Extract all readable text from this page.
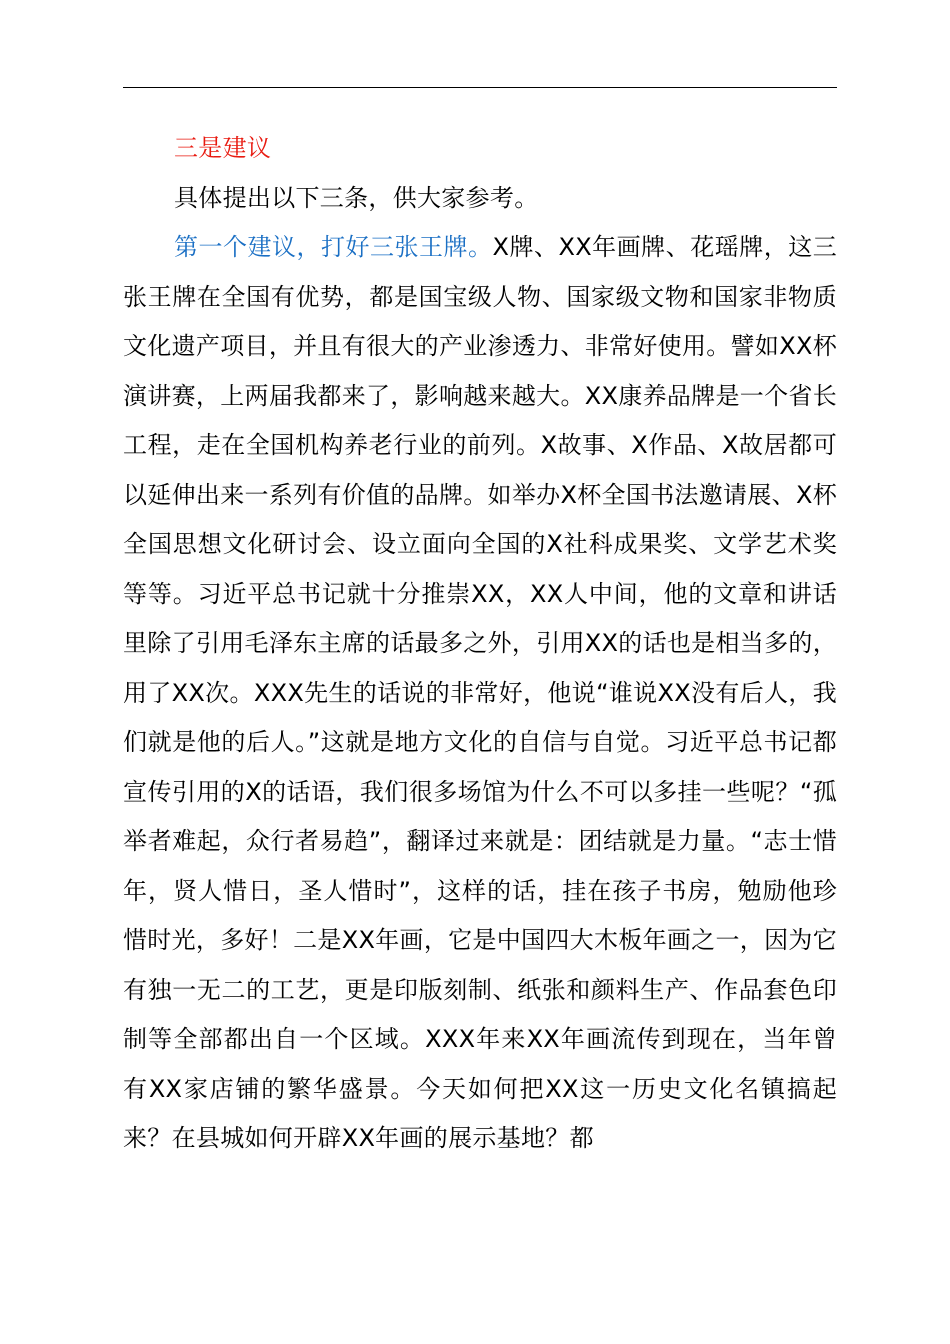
三是建议

具体提出以下三条，供大家参考。

第一个建议，打好三张王牌。X牌、XX年画牌、花瑶牌，这三张王牌在全国有优势，都是国宝级人物、国家级文物和国家非物质文化遗产项目，并且有很大的产业渗透力、非常好使用。譬如XX杯演讲赛，上两届我都来了，影响越来越大。XX康养品牌是一个省长工程，走在全国机构养老行业的前列。X故事、X作品、X故居都可以延伸出来一系列有价值的品牌。如举办X杯全国书法邀请展、X杯全国思想文化研讨会、设立面向全国的X社科成果奖、文学艺术奖等等。习近平总书记就十分推崇XX，XX人中间，他的文章和讲话里除了引用毛泽东主席的话最多之外，引用XX的话也是相当多的，用了XX次。XXX先生的话说的非常好，他说“谁说XX没有后人，我们就是他的后人。”这就是地方文化的自信与自觉。习近平总书记都宣传引用的X的话语，我们很多场馆为什么不可以多挂一些呢？“孤举者难起，众行者易趋”，翻译过来就是：团结就是力量。“志士惜年，贤人惜日，圣人惜时”，这样的话，挂在孩子书房，勉励他珍惜时光，多好！二是XX年画，它是中国四大木板年画之一，因为它有独一无二的工艺，更是印版刻制、纸张和颜料生产、作品套色印制等全部都出自一个区域。XXX年来XX年画流传到现在，当年曾有XX家店铺的繁华盛景。今天如何把XX这一历史文化名镇搞起来？在县城如何开辟XX年画的展示基地？都
